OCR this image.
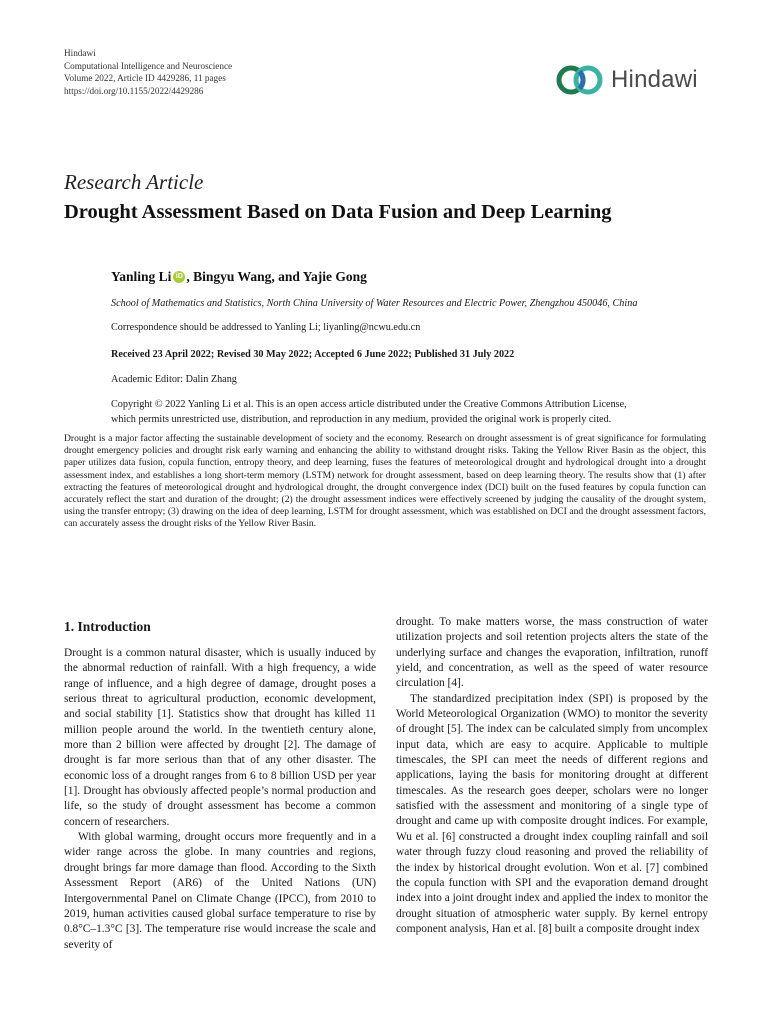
Hindawi
Computational Intelligence and Neuroscience
Volume 2022, Article ID 4429286, 11 pages
https://doi.org/10.1155/2022/4429286	Hindawi
Research Article
Drought Assessment Based on Data Fusion and Deep Learning
Yanling Li iD , Bingyu Wang, and Yajie Gong
School of Mathematics and Statistics, North China University of Water Resources and Electric Power, Zhengzhou 450046, China
Correspondence should be addressed to Yanling Li; liyanling@ncwu.edu.cn
Received 23 April 2022; Revised 30 May 2022; Accepted 6 June 2022; Published 31 July 2022
Academic Editor: Dalin Zhang
Copyright © 2022 Yanling Li et al. This is an open access article distributed under the Creative Commons Attribution License,
which permits unrestricted use, distribution, and reproduction in any medium, provided the original work is properly cited.

Drought is a major factor affecting the sustainable development of society and the economy. Research on drought assessment is of great significance for formulating drought emergency policies and drought risk early warning and enhancing the ability to withstand drought risks. Taking the Yellow River Basin as the object, this paper utilizes data fusion, copula function, entropy theory, and deep learning, fuses the features of meteorological drought and hydrological drought into a drought assessment index, and establishes a long short-term memory (LSTM) network for drought assessment, based on deep learning theory. The results show that (1) after extracting the features of meteorological drought and hydrological drought, the drought convergence index (DCI) built on the fused features by copula function can accurately reflect the start and duration of the drought; (2) the drought assessment indices were effectively screened by judging the causality of the drought system, using the transfer entropy; (3) drawing on the idea of deep learning, LSTM for drought assessment, which was established on DCI and the drought assessment factors, can accurately assess the drought risks of the Yellow River Basin.

1. Introduction

Drought is a common natural disaster, which is usually induced by the abnormal reduction of rainfall. With a high frequency, a wide range of influence, and a high degree of damage, drought poses a serious threat to agricultural production, economic development, and social stability [1]. Statistics show that drought has killed 11 million people around the world. In the twentieth century alone, more than 2 billion were affected by drought [2]. The damage of drought is far more serious than that of any other disaster. The economic loss of a drought ranges from 6 to 8 billion USD per year [1]. Drought has obviously affected people’s normal production and life, so the study of drought assessment has become a common concern of researchers.

With global warming, drought occurs more frequently and in a wider range across the globe. In many countries and regions, drought brings far more damage than flood. According to the Sixth Assessment Report (AR6) of the United Nations (UN) Intergovernmental Panel on Climate Change (IPCC), from 2010 to 2019, human activities caused global surface temperature to rise by 0.8°C–1.3°C [3]. The temperature rise would increase the scale and severity of

drought. To make matters worse, the mass construction of water utilization projects and soil retention projects alters the state of the underlying surface and changes the evaporation, infiltration, runoff yield, and concentration, as well as the speed of water resource circulation [4].

The standardized precipitation index (SPI) is proposed by the World Meteorological Organization (WMO) to monitor the severity of drought [5]. The index can be calculated simply from uncomplex input data, which are easy to acquire. Applicable to multiple timescales, the SPI can meet the needs of different regions and applications, laying the basis for monitoring drought at different timescales. As the research goes deeper, scholars were no longer satisfied with the assessment and monitoring of a single type of drought and came up with composite drought indices. For example, Wu et al. [6] constructed a drought index coupling rainfall and soil water through fuzzy cloud reasoning and proved the reliability of the index by historical drought evolution. Won et al. [7] combined the copula function with SPI and the evaporation demand drought index into a joint drought index and applied the index to monitor the drought situation of atmospheric water supply. By kernel entropy component analysis, Han et al. [8] built a composite drought index
